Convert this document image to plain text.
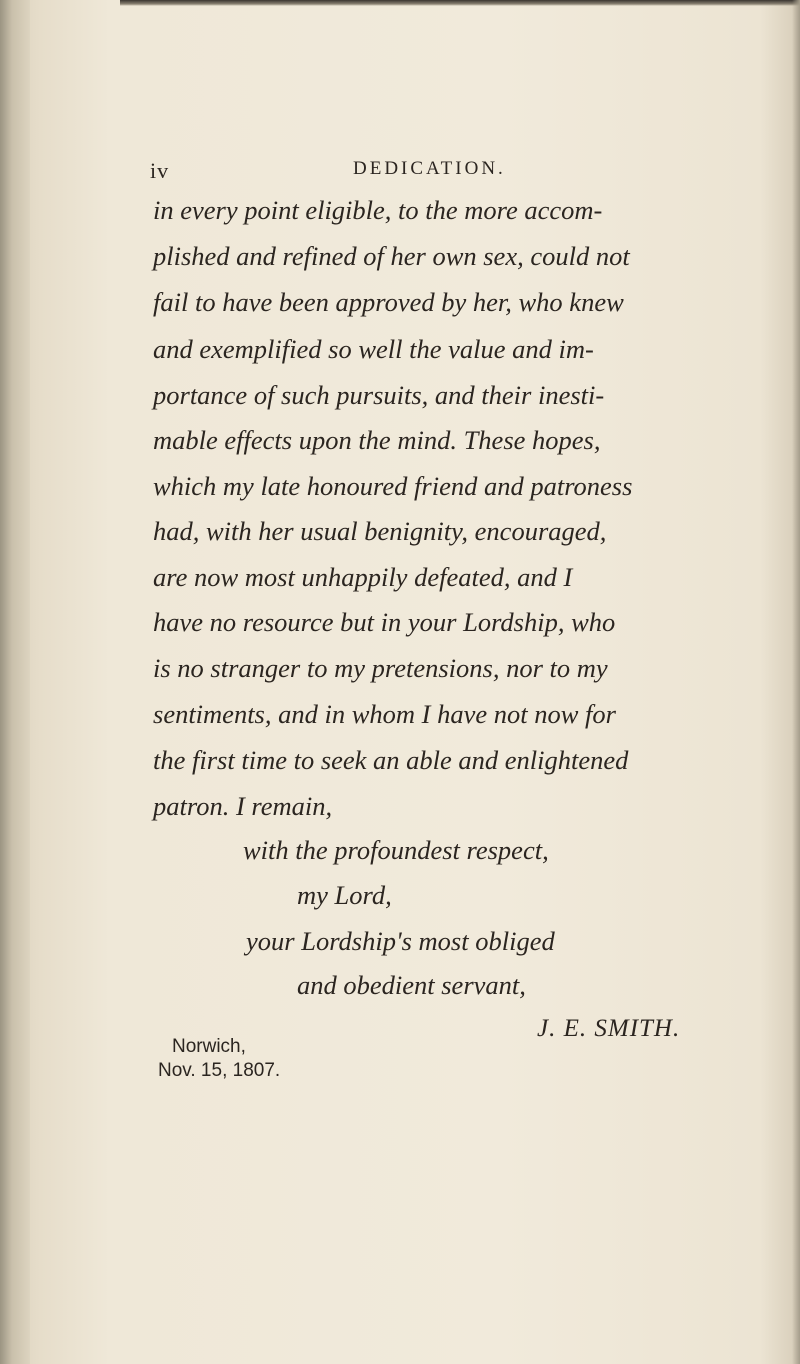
iv	DEDICATION.
in every point eligible, to the more accom-
plished and refined of her own sex, could not
fail to have been approved by her, who knew
and exemplified so well the value and im-
portance of such pursuits, and their inesti-
mable effects upon the mind. These hopes,
which my late honoured friend and patroness
had, with her usual benignity, encouraged,
are now most unhappily defeated, and I
have no resource but in your Lordship, who
is no stranger to my pretensions, nor to my
sentiments, and in whom I have not now for
the first time to seek an able and enlightened
patron. I remain,
with the profoundest respect,
my Lord,
your Lordship's most obliged
and obedient servant,
J. E. SMITH.
Norwich,
Nov. 15, 1807.
